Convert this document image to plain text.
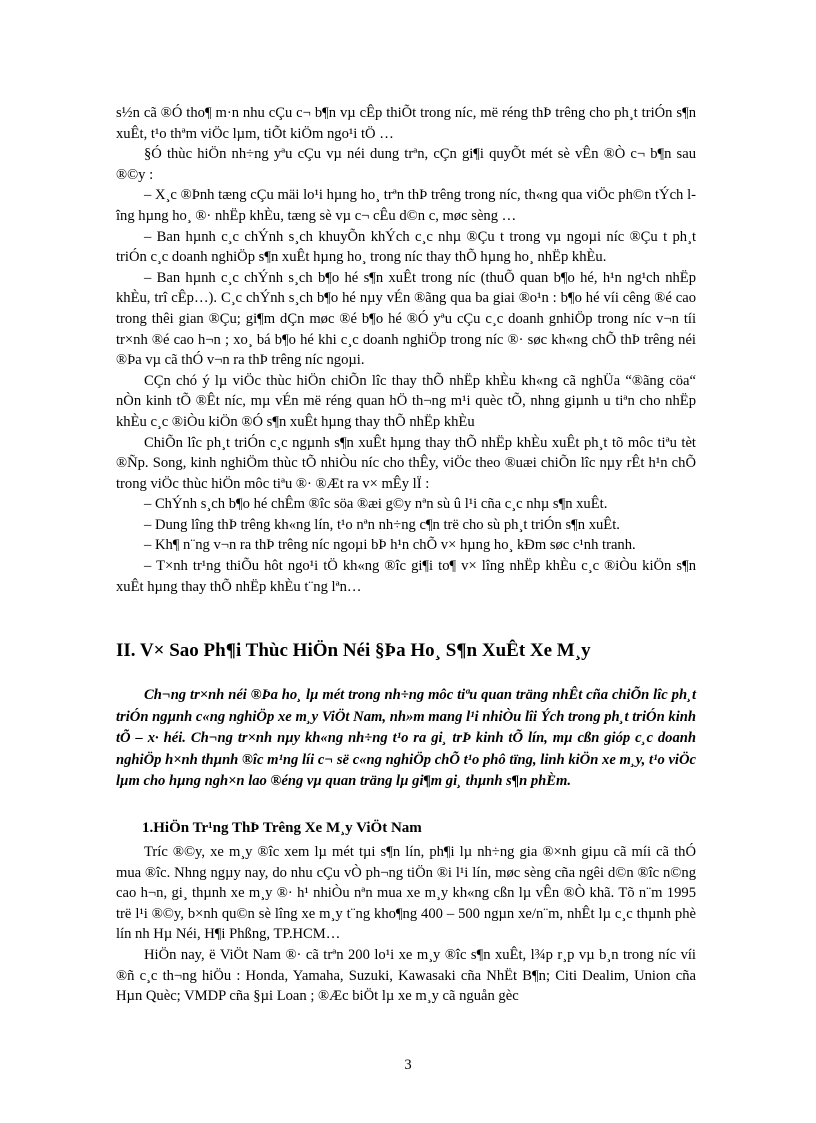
s½n cã ®Ó tho¶ m·n nhu cÇu c¬ b¶n vµ cÊp thiÕt trong níc, më réng thÞ trêng cho ph¸t triÓn s¶n xuÊt, t¹o thªm viÖc lµm, tiÕt kiÖm ngo¹i tÖ …

§Ó thùc hiÖn nh÷ng yªu cÇu vµ néi dung trªn, cÇn gi¶i quyÕt mét sè vÊn ®Ò c¬ b¶n sau ®©y :

– X¸c ®Þnh tæng cÇu mäi lo¹i hµng ho¸ trªn thÞ trêng trong níc, th«ng qua viÖc ph©n tÝch lîng hµng ho¸ ®· nhËp khÈu, tæng sè vµ c¬ cÊu d©n c, møc sèng …

– Ban hµnh c¸c chÝnh s¸ch khuyÕn khÝch c¸c nhµ ®Çu t trong vµ ngoµi níc ®Çu t ph¸t triÓn c¸c doanh nghiÖp s¶n xuÊt hµng ho¸ trong níc thay thÕ hµng ho¸ nhËp khÈu.

– Ban hµnh c¸c chÝnh s¸ch b¶o hé s¶n xuÊt trong níc (thuÕ quan b¶o hé, h¹n ng¹ch nhËp khÈu, trî cÊp…). C¸c chÝnh s¸ch b¶o hé nµy vÉn ®ãng qua ba giai ®o¹n : b¶o hé víi cêng ®é cao trong thêi gian ®Çu; gi¶m dÇn møc ®é b¶o hé ®Ó yªu cÇu c¸c doanh gnhiÖp trong níc v¬n tíi tr×nh ®é cao h¬n ; xo¸ bá b¶o hé khi c¸c doanh nghiÖp trong níc ®· søc kh«ng chÕ thÞ trêng néi ®Þa vµ cã thÓ v¬n ra thÞ trêng níc ngoµi.

CÇn chó ý lµ viÖc thùc hiÖn chiÕn lîc thay thÕ nhËp khÈu kh«ng cã nghÜa “®ãng cöa“ nÒn kinh tÕ ®Êt níc, mµ vÉn më réng quan hÖ th¬ng m¹i quèc tÕ, nhng giµnh u tiªn cho nhËp khÈu c¸c ®iÒu kiÖn ®Ó s¶n xuÊt hµng thay thÕ nhËp khÈu

ChiÕn lîc ph¸t triÓn c¸c ngµnh s¶n xuÊt hµng thay thÕ nhËp khÈu xuÊt ph¸t tõ môc tiªu tèt ®Ñp. Song, kinh nghiÖm thùc tÕ nhiÒu níc cho thÊy, viÖc theo ®uæi chiÕn lîc nµy rÊt h¹n chÕ trong viÖc thùc hiÖn môc tiªu ®· ®Æt ra v× mÊy lÏ :

– ChÝnh s¸ch b¶o hé chÊm ®îc söa ®æi g©y nªn sù û l¹i cña c¸c nhµ s¶n xuÊt.

– Dung lîng thÞ trêng kh«ng lín, t¹o nªn nh÷ng c¶n trë cho sù ph¸t triÓn s¶n xuÊt.

– Kh¶ n¨ng v¬n ra thÞ trêng níc ngoµi bÞ h¹n chÕ v× hµng ho¸ kÐm søc c¹nh tranh.

– T×nh tr¹ng thiÕu hôt ngo¹i tÖ kh«ng ®îc gi¶i to¶ v× lîng nhËp khÈu c¸c ®iÒu kiÖn s¶n xuÊt hµng thay thÕ nhËp khÈu t¨ng lªn…

II. V× Sao Ph¶i Thùc HiÖn Néi §Þa Ho¸ S¶n XuÊt Xe M¸y

Ch¬ng tr×nh néi ®Þa ho¸ lµ mét trong nh÷ng môc tiªu quan träng nhÊt cña chiÕn lîc ph¸t triÓn ngµnh c«ng nghiÖp xe m¸y ViÖt Nam, nh»m mang l¹i nhiÒu lîi Ých trong ph¸t triÓn kinh tÕ – x· héi. Ch¬ng tr×nh nµy kh«ng nh÷ng t¹o ra gi¸ trÞ kinh tÕ lín, mµ cßn gióp c¸c doanh nghiÖp h×nh thµnh ®îc m¹ng líi c¬ së c«ng nghiÖp chÕ t¹o phô tïng, linh kiÖn xe m¸y, t¹o viÖc lµm cho hµng ngh×n lao ®éng vµ quan träng lµ gi¶m gi¸ thµnh s¶n phÈm.

1.HiÖn Tr¹ng ThÞ Trêng Xe M¸y ViÖt Nam

Tríc ®©y, xe m¸y ®îc xem lµ mét tµi s¶n lín, ph¶i lµ nh÷ng gia ®×nh giµu cã míi cã thÓ mua ®îc. Nhng ngµy nay, do nhu cÇu vÒ ph¬ng tiÖn ®i l¹i lín, møc sèng cña ngêi d©n ®îc n©ng cao h¬n, gi¸ thµnh xe m¸y ®· h¹ nhiÒu nªn mua xe m¸y kh«ng cßn lµ vÊn ®Ò khã. Tõ n¨m 1995 trë l¹i ®©y, b×nh qu©n sè lîng xe m¸y t¨ng kho¶ng 400 – 500 ngµn xe/n¨m, nhÊt lµ c¸c thµnh phè lín nh Hµ Néi, H¶i Phßng, TP.HCM…

HiÖn nay, ë ViÖt Nam ®· cã trªn 200 lo¹i xe m¸y ®îc s¶n xuÊt, l¾p r¸p vµ b¸n trong níc víi ®ñ c¸c th¬ng hiÖu : Honda, Yamaha, Suzuki, Kawasaki cña NhËt B¶n; Citi Dealim, Union cña Hµn Quèc; VMDP cña §µi Loan ; ®Æc biÖt lµ xe m¸y cã nguån gèc

3
